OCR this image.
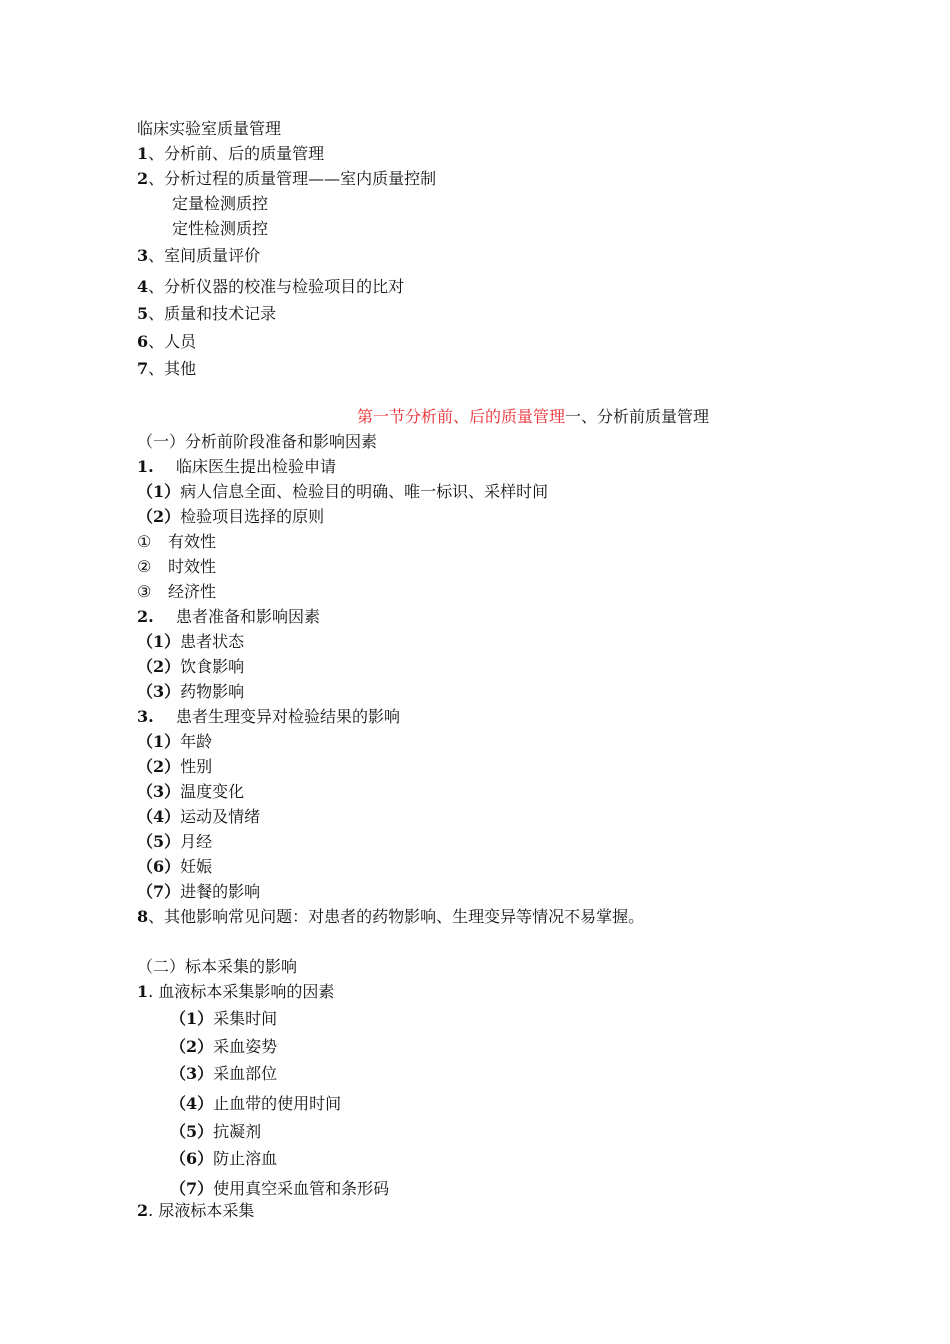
临床实验室质量管理
1、分析前、后的质量管理
2、分析过程的质量管理——室内质量控制
定量检测质控
定性检测质控
3、室间质量评价
4、分析仪器的校准与检验项目的比对
5、质量和技术记录
6、人员
7、其他
第一节分析前、后的质量管理一、分析前质量管理
（一）分析前阶段准备和影响因素
1. 临床医生提出检验申请
（1）病人信息全面、检验目的明确、唯一标识、采样时间
（2）检验项目选择的原则
① 有效性
② 时效性
③ 经济性
2. 患者准备和影响因素
（1）患者状态
（2）饮食影响
（3）药物影响
3. 患者生理变异对检验结果的影响
（1）年龄
（2）性别
（3）温度变化
（4）运动及情绪
（5）月经
（6）妊娠
（7）进餐的影响
8、其他影响常见问题：对患者的药物影响、生理变异等情况不易掌握。
（二）标本采集的影响
1. 血液标本采集影响的因素
（1）采集时间
（2）采血姿势
（3）采血部位
（4）止血带的使用时间
（5）抗凝剂
（6）防止溶血
（7）使用真空采血管和条形码
2. 尿液标本采集
